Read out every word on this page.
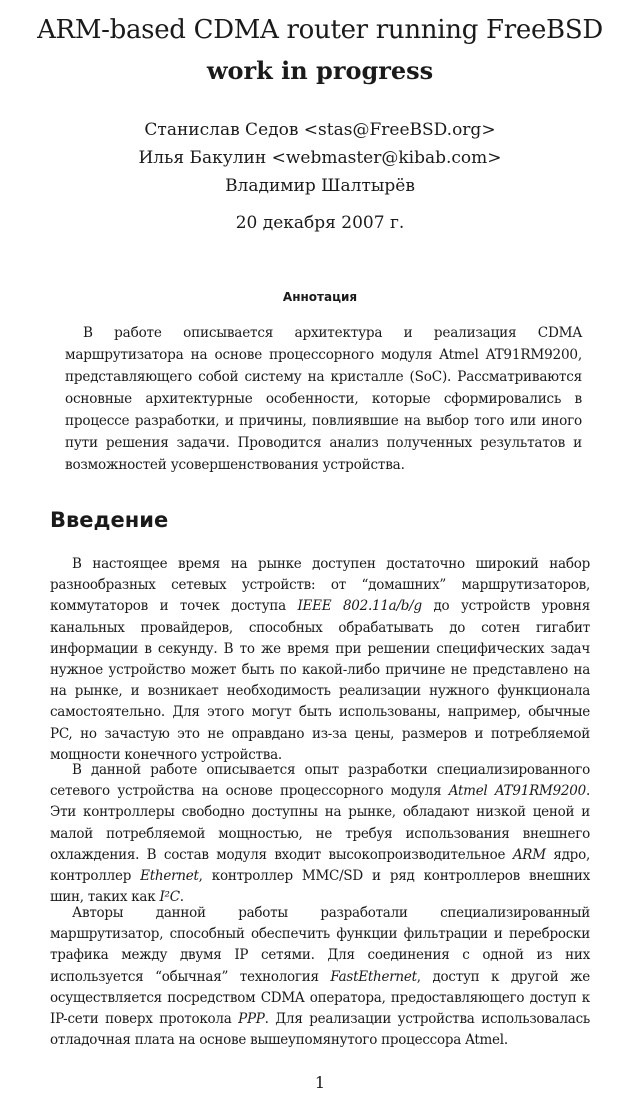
ARM-based CDMA router running FreeBSD
work in progress
Станислав Седов <stas@FreeBSD.org>
Илья Бакулин <webmaster@kibab.com>
Владимир Шалтырёв
20 декабря 2007 г.
Аннотация
В работе описывается архитектура и реализация CDMA маршрутизатора на основе процессорного модуля Atmel AT91RM9200, представляющего собой систему на кристалле (SoC). Рассматриваются основные архитектурные особенности, которые сформировались в процессе разработки, и причины, повлиявшие на выбор того или иного пути решения задачи. Проводится анализ полученных результатов и возможностей усовершенствования устройства.
Введение

В настоящее время на рынке доступен достаточно широкий набор разнообразных сетевых устройств: от “домашних” маршрутизаторов, коммутаторов и точек доступа IEEE 802.11a/b/g до устройств уровня канальных провайдеров, способных обрабатывать до сотен гигабит информации в секунду. В то же время при решении специфических задач нужное устройство может быть по какой-либо причине не представлено на на рынке, и возникает необходимость реализации нужного функционала самостоятельно. Для этого могут быть использованы, например, обычные PC, но зачастую это не оправдано из-за цены, размеров и потребляемой мощности конечного устройства.

В данной работе описывается опыт разработки специализированного сетевого устройства на основе процессорного модуля Atmel AT91RM9200. Эти контроллеры свободно доступны на рынке, обладают низкой ценой и малой потребляемой мощностью, не требуя использования внешнего охлаждения. В состав модуля входит высокопроизводительное ARM ядро, контроллер Ethernet, контроллер MMC/SD и ряд контроллеров внешних шин, таких как I²C.

Авторы данной работы разработали специализированный маршрутизатор, способный обеспечить функции фильтрации и переброски трафика между двумя IP сетями. Для соединения с одной из них используется “обычная” технология FastEthernet, доступ к другой же осуществляется посредством CDMA оператора, предоставляющего доступ к IP-сети поверх протокола PPP. Для реализации устройства использовалась отладочная плата на основе вышеупомянутого процессора Atmel.

1
